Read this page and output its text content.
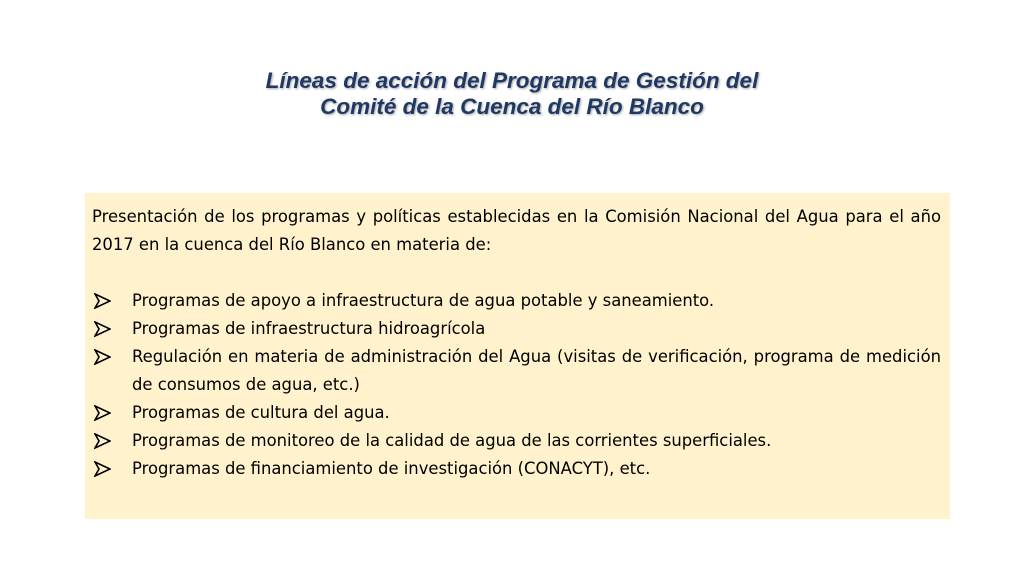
Líneas de acción del Programa de Gestión del
Comité de la Cuenca del Río Blanco

Presentación de los programas y políticas establecidas en la Comisión Nacional del Agua para el año 2017 en la cuenca del Río Blanco en materia de:

Programas de apoyo a infraestructura de agua potable y saneamiento.
Programas de infraestructura hidroagrícola
Regulación en materia de administración del Agua (visitas de verificación, programa de medición de consumos de agua, etc.)
Programas de cultura del agua.
Programas de monitoreo de la calidad de agua de las corrientes superficiales.
Programas de financiamiento de investigación (CONACYT), etc.
